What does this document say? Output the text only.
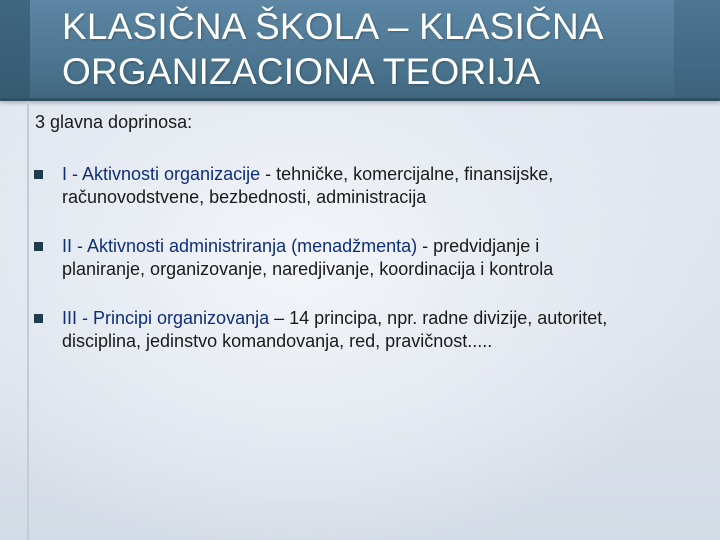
KLASIČNA ŠKOLA – KLASIČNA
ORGANIZACIONA TEORIJA

3 glavna doprinosa:
I - Aktivnosti organizacije - tehničke, komercijalne, finansijske,
računovodstvene, bezbednosti, administracija
II - Aktivnosti administriranja (menadžmenta) - predvidjanje i
planiranje, organizovanje, naredjivanje, koordinacija i kontrola
III - Principi organizovanja – 14 principa, npr. radne divizije, autoritet,
disciplina, jedinstvo komandovanja, red, pravičnost.....
